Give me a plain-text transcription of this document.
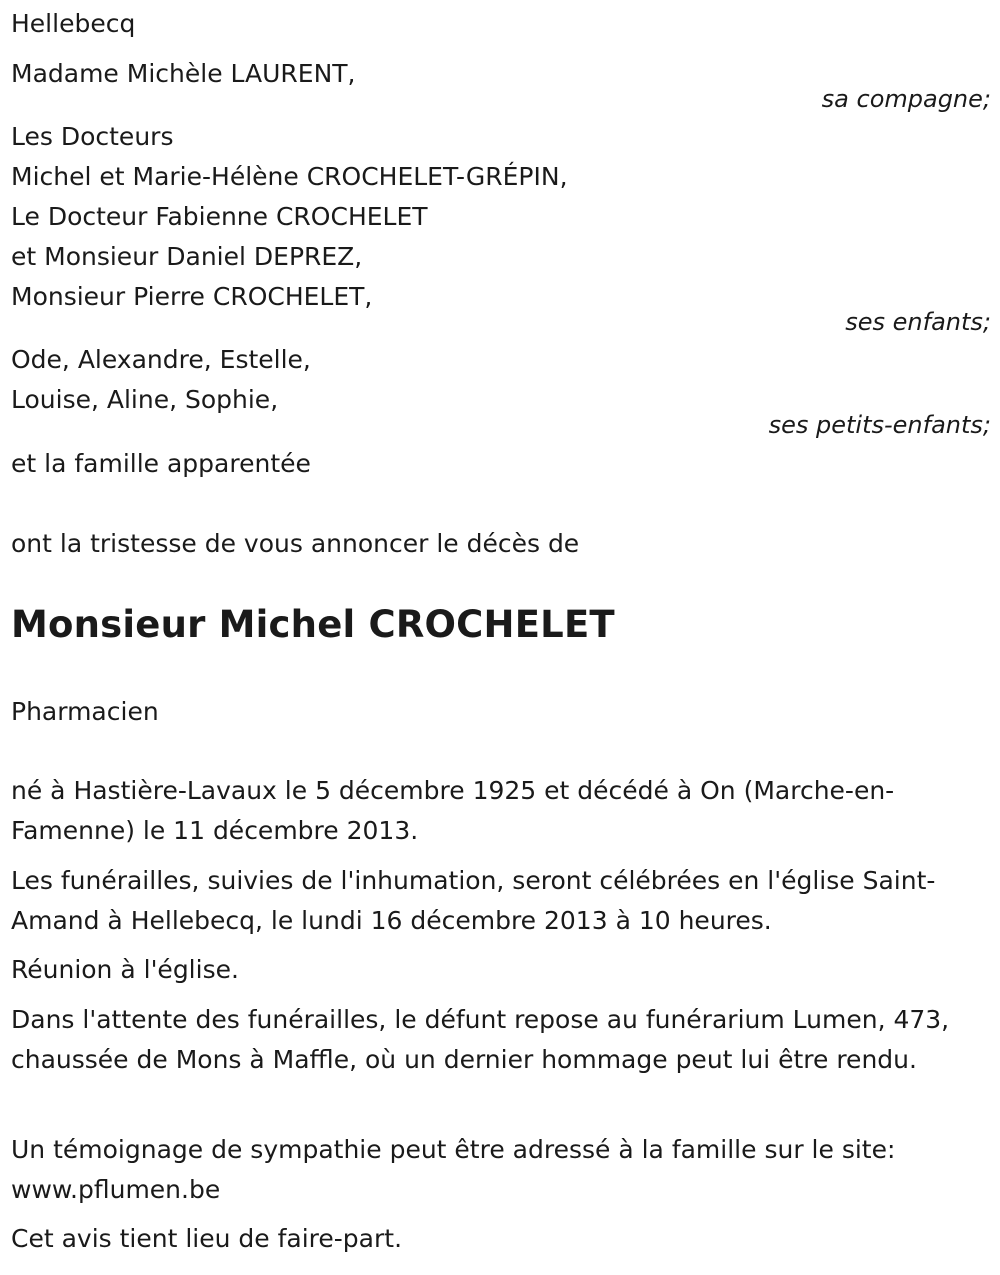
Hellebecq
Madame Michèle LAURENT,
sa compagne;
Les Docteurs
Michel et Marie-Hélène CROCHELET-GRÉPIN,
Le Docteur Fabienne CROCHELET
et Monsieur Daniel DEPREZ,
Monsieur Pierre CROCHELET,
ses enfants;
Ode, Alexandre, Estelle,
Louise, Aline, Sophie,
ses petits-enfants;
et la famille apparentée
ont la tristesse de vous annoncer le décès de
Monsieur Michel CROCHELET
Pharmacien
né à Hastière-Lavaux le 5 décembre 1925 et décédé à On (Marche-en-Famenne) le 11 décembre 2013.
Les funérailles, suivies de l'inhumation, seront célébrées en l'église Saint-Amand à Hellebecq, le lundi 16 décembre 2013 à 10 heures.
Réunion à l'église.
Dans l'attente des funérailles, le défunt repose au funérarium Lumen, 473, chaussée de Mons à Maffle, où un dernier hommage peut lui être rendu.
Un témoignage de sympathie peut être adressé à la famille sur le site: www.pflumen.be
Cet avis tient lieu de faire-part.
